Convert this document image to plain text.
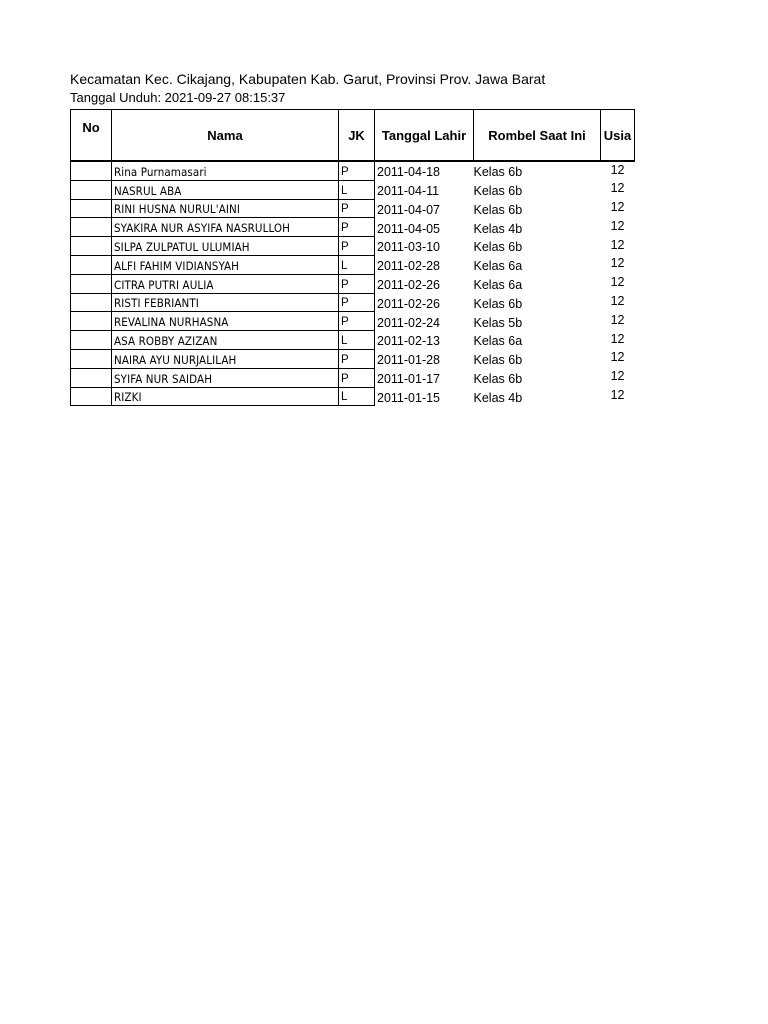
Kecamatan Kec. Cikajang, Kabupaten Kab. Garut, Provinsi Prov. Jawa Barat
Tanggal Unduh: 2021-09-27 08:15:37
No	Nama	JK	Tanggal Lahir	Rombel Saat Ini	Usia
	Rina Purnamasari	P	2011-04-18	Kelas 6b	12
	NASRUL ABA	L	2011-04-11	Kelas 6b	12
	RINI HUSNA NURUL'AINI	P	2011-04-07	Kelas 6b	12
	SYAKIRA NUR ASYIFA NASRULLOH	P	2011-04-05	Kelas 4b	12
	SILPA ZULPATUL ULUMIAH	P	2011-03-10	Kelas 6b	12
	ALFI FAHIM VIDIANSYAH	L	2011-02-28	Kelas 6a	12
	CITRA PUTRI AULIA	P	2011-02-26	Kelas 6a	12
	RISTI FEBRIANTI	P	2011-02-26	Kelas 6b	12
	REVALINA NURHASNA	P	2011-02-24	Kelas 5b	12
	ASA ROBBY AZIZAN	L	2011-02-13	Kelas 6a	12
	NAIRA AYU NURJALILAH	P	2011-01-28	Kelas 6b	12
	SYIFA NUR SAIDAH	P	2011-01-17	Kelas 6b	12
	RIZKI	L	2011-01-15	Kelas 4b	12
